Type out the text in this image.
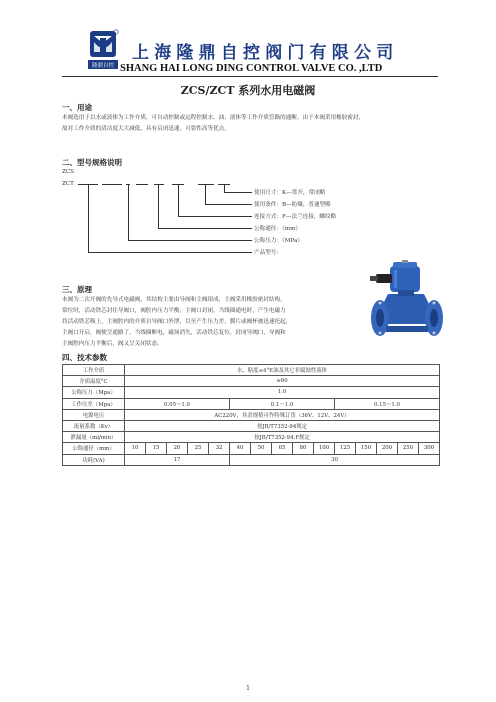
隆鼎自控
上海隆鼎自控阀门有限公司
SHANG HAI LONG DING CONTROL VALVE CO. ,LTD
ZCS/ZCT 系列水用电磁阀
一、用途
本阀选用于以水或液体为工作介质，可自动控制或远程控制水、油、液体等工作介质管路的通断。由于本阀采用橡胶密封，
故对工作介质的清洁度大大减低，具有启闭迅速、可靠性高等优点。
二、型号规格说明
ZCS
ZCT
使用尺寸：K—常开，常闭略
使用条件：B—防爆，普通型略
连接方式：F—法兰连接，螺纹略
公称通径：（mm）
公称压力：（MPa）
产品型号：
三、原理
本阀为二次开阀的先导式电磁阀，其结构主要由导阀和主阀组成，主阀采用橡胶密封结构，
常位时，活动铁芯封住导阀口，阀腔内压力平衡，主阀口封闭。当线圈通电时，产生电磁力
将活动铁芯吸上，主阀腔内的介质自导阀口外泄，以至产生压力差，膜片或阀杯被迅速托起，
主阀口开启，阀便呈通路了。当线圈断电，磁场消失，活动铁芯复位，封闭导阀口，导阀和
主阀腔内压力平衡后，阀又呈关闭状态。
四、技术参数
工作介质	水、粘度≤4°E油及其它非腐蚀性液体														
介质温度°C	≤60														
公称压力（Mpa）	1.0														
工作压差（Mpa）	0.05～1.0					0.1～1.0					0.15～1.0				
电源电压	AC220V，其余规格可作特殊订货（36V、12V、24V）														
流量系数（Kv）	按JB/T7352-94规定														
泄漏量（ml/min）	按JB/T7352-94.F规定														
公称通径（mm）	10	15	20	25	32	40	50	65	80	100	125	150	200	250	300
功耗(VA)	17					30									
1
